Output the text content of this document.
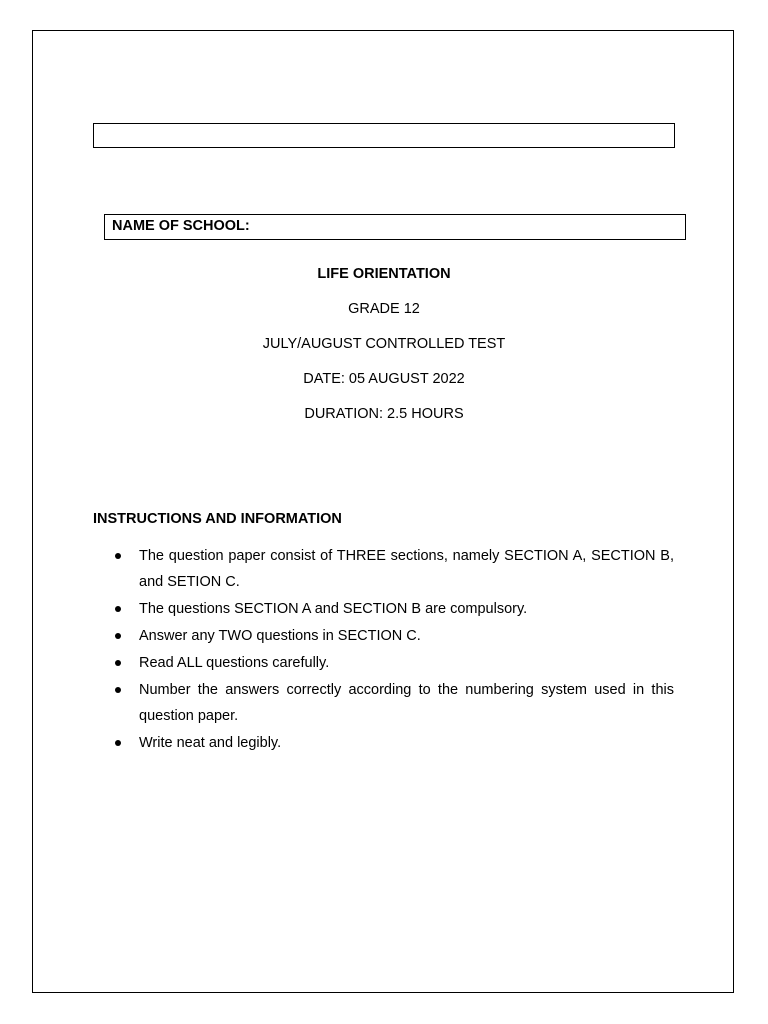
NAME OF SCHOOL:
LIFE ORIENTATION
GRADE 12
JULY/AUGUST CONTROLLED TEST
DATE: 05 AUGUST 2022
DURATION: 2.5 HOURS
INSTRUCTIONS AND INFORMATION
The question paper consist of THREE sections, namely SECTION A, SECTION B, and SETION C.
The questions SECTION A and SECTION B are compulsory.
Answer any TWO questions in SECTION C.
Read ALL questions carefully.
Number the answers correctly according to the numbering system used in this question paper.
Write neat and legibly.
